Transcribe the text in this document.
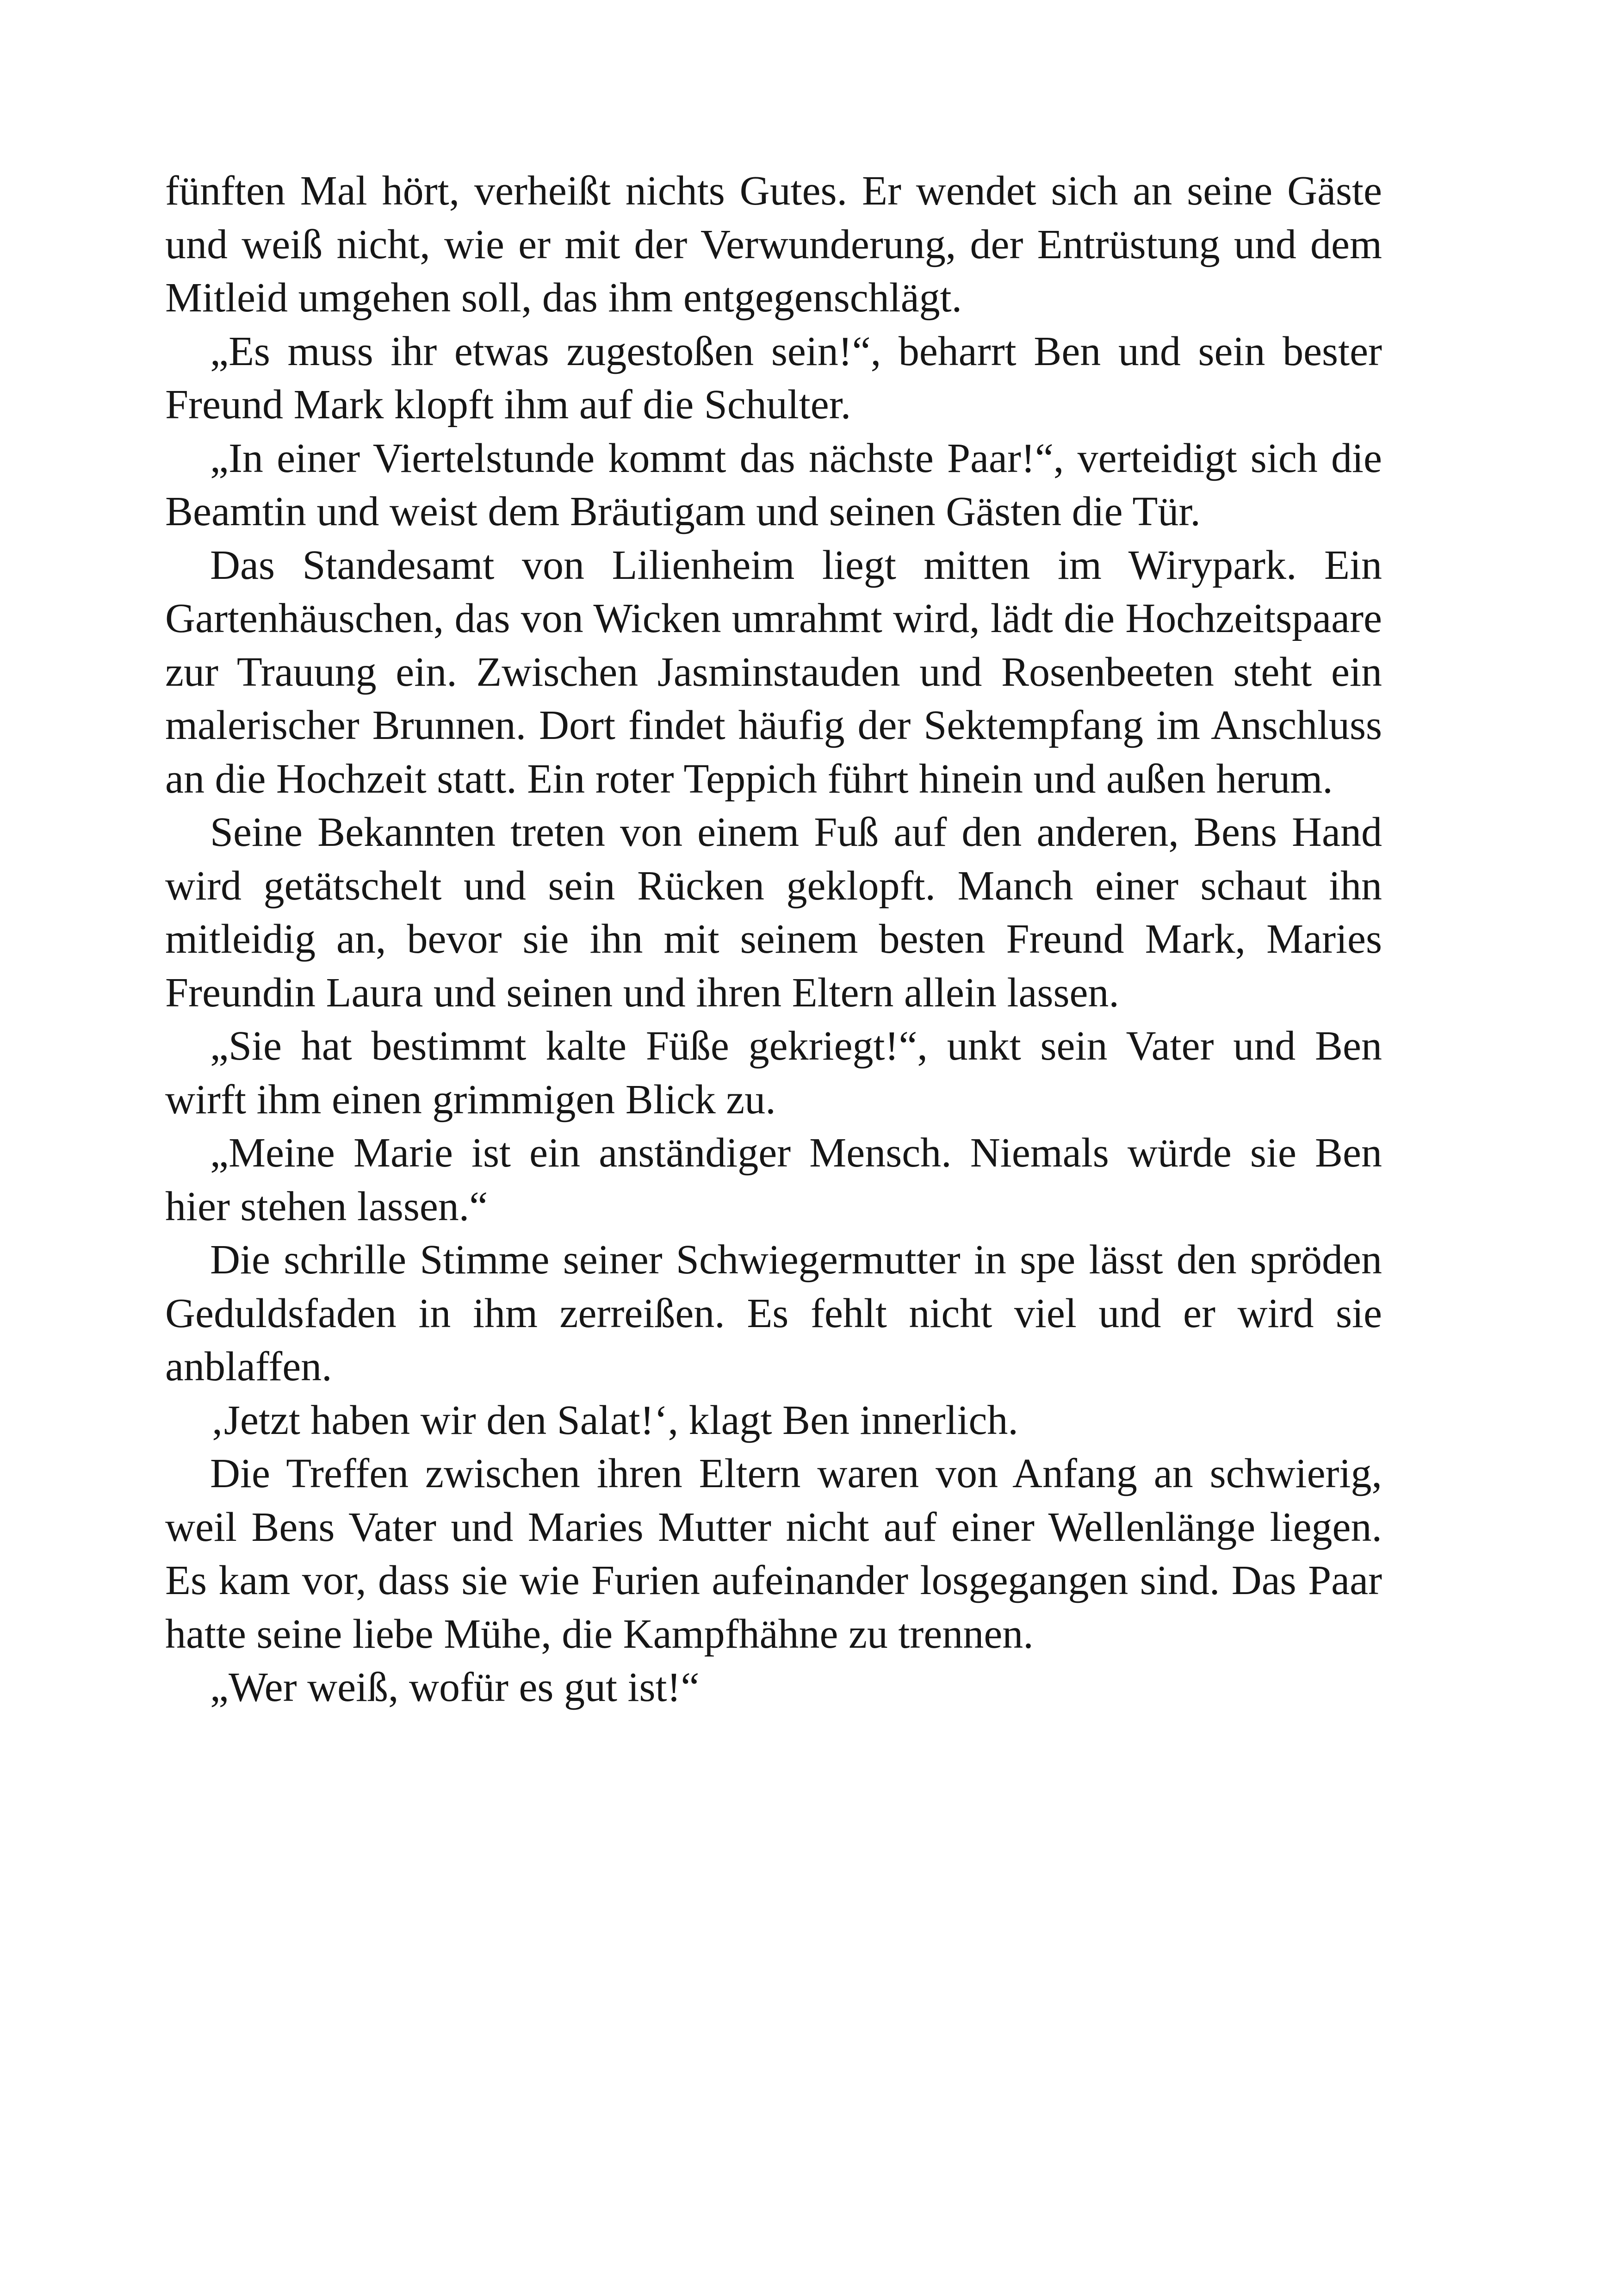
fünften Mal hört, verheißt nichts Gutes. Er wendet sich an seine Gäste und weiß nicht, wie er mit der Verwunderung, der Entrüstung und dem Mitleid umgehen soll, das ihm entgegenschlägt.

„Es muss ihr etwas zugestoßen sein!“, beharrt Ben und sein bester Freund Mark klopft ihm auf die Schulter.

„In einer Viertelstunde kommt das nächste Paar!“, verteidigt sich die Beamtin und weist dem Bräutigam und seinen Gästen die Tür.

Das Standesamt von Lilienheim liegt mitten im Wirypark. Ein Gartenhäuschen, das von Wicken umrahmt wird, lädt die Hochzeitspaare zur Trauung ein. Zwischen Jasminstauden und Rosenbeeten steht ein malerischer Brunnen. Dort findet häufig der Sektempfang im Anschluss an die Hochzeit statt. Ein roter Teppich führt hinein und außen herum.

Seine Bekannten treten von einem Fuß auf den anderen, Bens Hand wird getätschelt und sein Rücken geklopft. Manch einer schaut ihn mitleidig an, bevor sie ihn mit seinem besten Freund Mark, Maries Freundin Laura und seinen und ihren Eltern allein lassen.

„Sie hat bestimmt kalte Füße gekriegt!“, unkt sein Vater und Ben wirft ihm einen grimmigen Blick zu.

„Meine Marie ist ein anständiger Mensch. Niemals würde sie Ben hier stehen lassen.“

Die schrille Stimme seiner Schwiegermutter in spe lässt den spröden Geduldsfaden in ihm zerreißen. Es fehlt nicht viel und er wird sie anblaffen.

‚Jetzt haben wir den Salat!‘, klagt Ben innerlich.

Die Treffen zwischen ihren Eltern waren von Anfang an schwierig, weil Bens Vater und Maries Mutter nicht auf einer Wellenlänge liegen. Es kam vor, dass sie wie Furien aufeinander losgegangen sind. Das Paar hatte seine liebe Mühe, die Kampfhähne zu trennen.

„Wer weiß, wofür es gut ist!“
